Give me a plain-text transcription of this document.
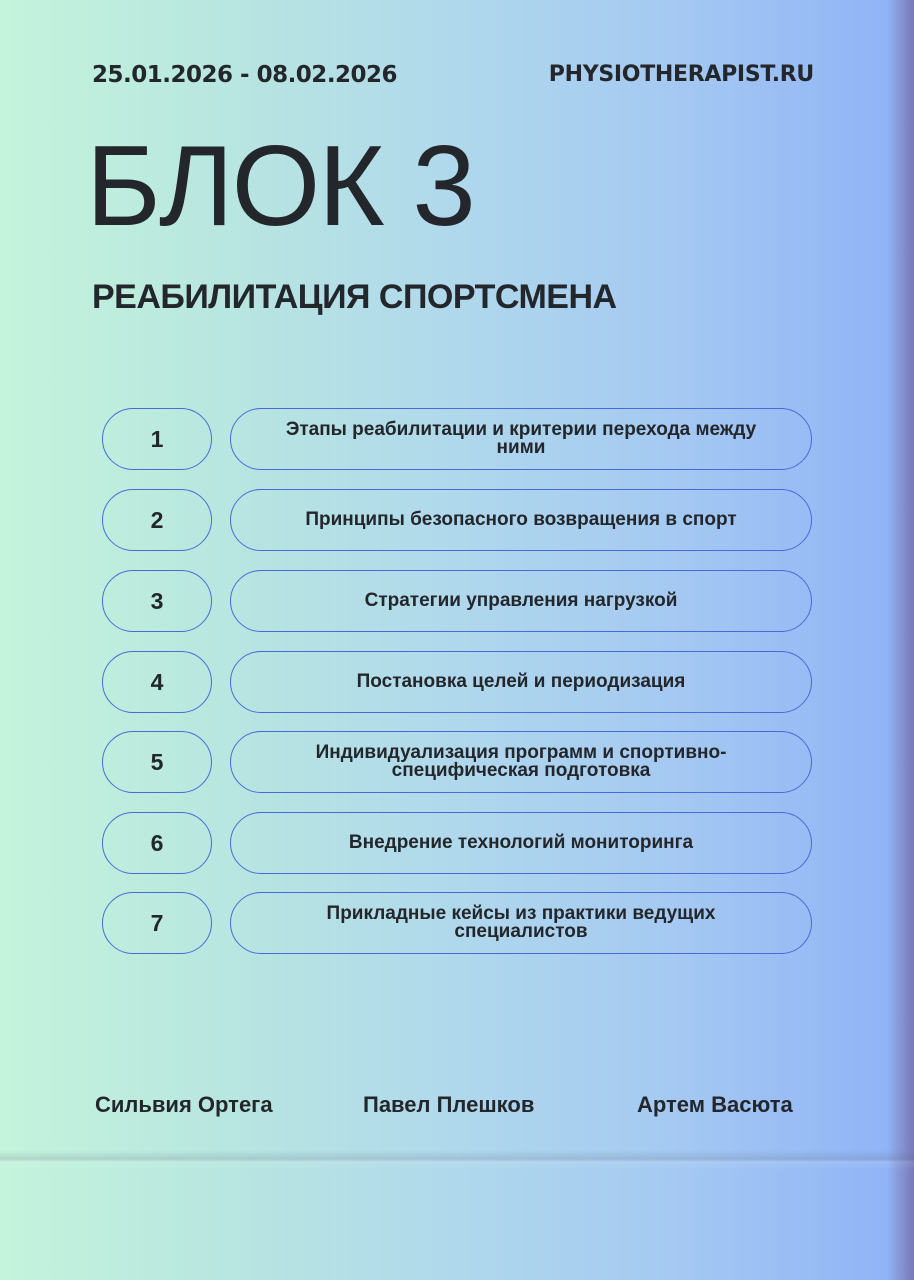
25.01.2026 - 08.02.2026	PHYSIOTHERAPIST.RU
БЛОК 3
РЕАБИЛИТАЦИЯ СПОРТСМЕНА
1	Этапы реабилитации и критерии перехода между ними
2	Принципы безопасного возвращения в спорт
3	Стратегии управления нагрузкой
4	Постановка целей и периодизация
5	Индивидуализация программ и спортивно-специфическая подготовка
6	Внедрение технологий мониторинга
7	Прикладные кейсы из практики ведущих специалистов
Сильвия Ортега	Павел Плешков	Артем Васюта
